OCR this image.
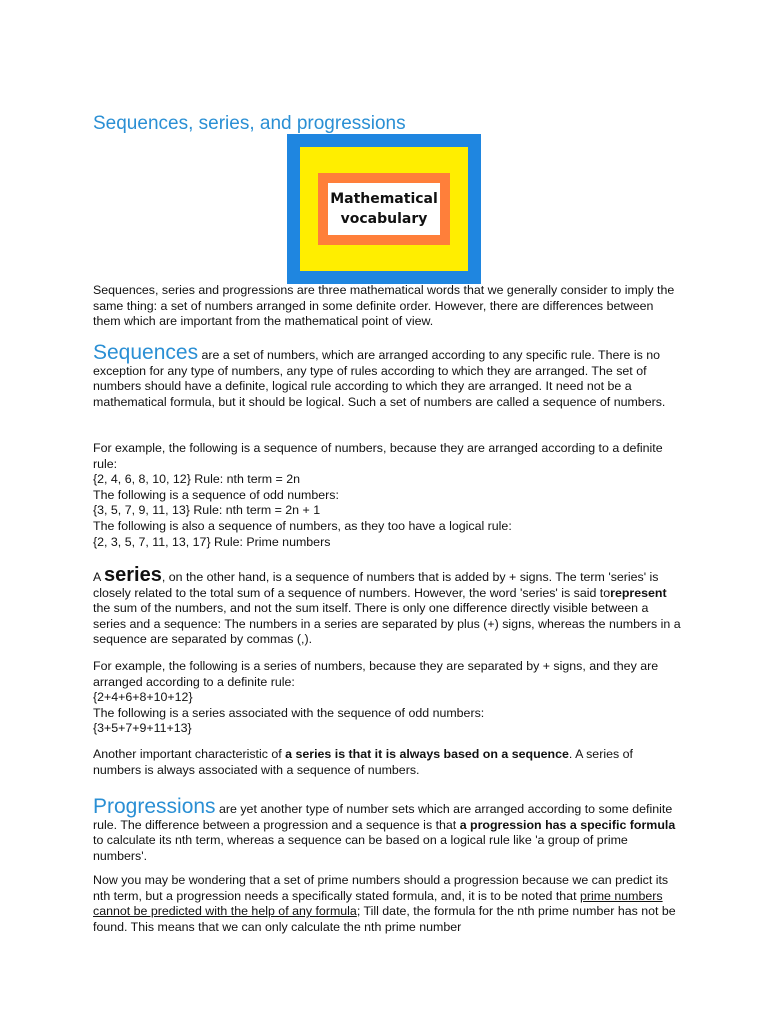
Sequences, series, and progressions
Mathematical
vocabulary

Sequences, series and progressions are three mathematical words that we generally consider to imply the same thing: a set of numbers arranged in some definite order. However, there are differences between them which are important from the mathematical point of view.

Sequences are a set of numbers, which are arranged according to any specific rule. There is no exception for any type of numbers, any type of rules according to which they are arranged. The set of numbers should have a definite, logical rule according to which they are arranged. It need not be a mathematical formula, but it should be logical. Such a set of numbers are called a sequence of numbers.

For example, the following is a sequence of numbers, because they are arranged according to a definite rule:

{2, 4, 6, 8, 10, 12} Rule: nth term = 2n

The following is a sequence of odd numbers:

{3, 5, 7, 9, 11, 13} Rule: nth term = 2n + 1

The following is also a sequence of numbers, as they too have a logical rule:

{2, 3, 5, 7, 11, 13, 17} Rule: Prime numbers

A series, on the other hand, is a sequence of numbers that is added by + signs. The term 'series' is closely related to the total sum of a sequence of numbers. However, the word 'series' is said torepresent the sum of the numbers, and not the sum itself. There is only one difference directly visible between a series and a sequence: The numbers in a series are separated by plus (+) signs, whereas the numbers in a sequence are separated by commas (,).

For example, the following is a series of numbers, because they are separated by + signs, and they are arranged according to a definite rule:

{2+4+6+8+10+12}

The following is a series associated with the sequence of odd numbers:

{3+5+7+9+11+13}

Another important characteristic of a series is that it is always based on a sequence. A series of numbers is always associated with a sequence of numbers.

Progressions are yet another type of number sets which are arranged according to some definite rule. The difference between a progression and a sequence is that a progression has a specific formula to calculate its nth term, whereas a sequence can be based on a logical rule like 'a group of prime numbers'.

Now you may be wondering that a set of prime numbers should a progression because we can predict its nth term, but a progression needs a specifically stated formula, and, it is to be noted that prime numbers cannot be predicted with the help of any formula; Till date, the formula for the nth prime number has not be found. This means that we can only calculate the nth prime number
